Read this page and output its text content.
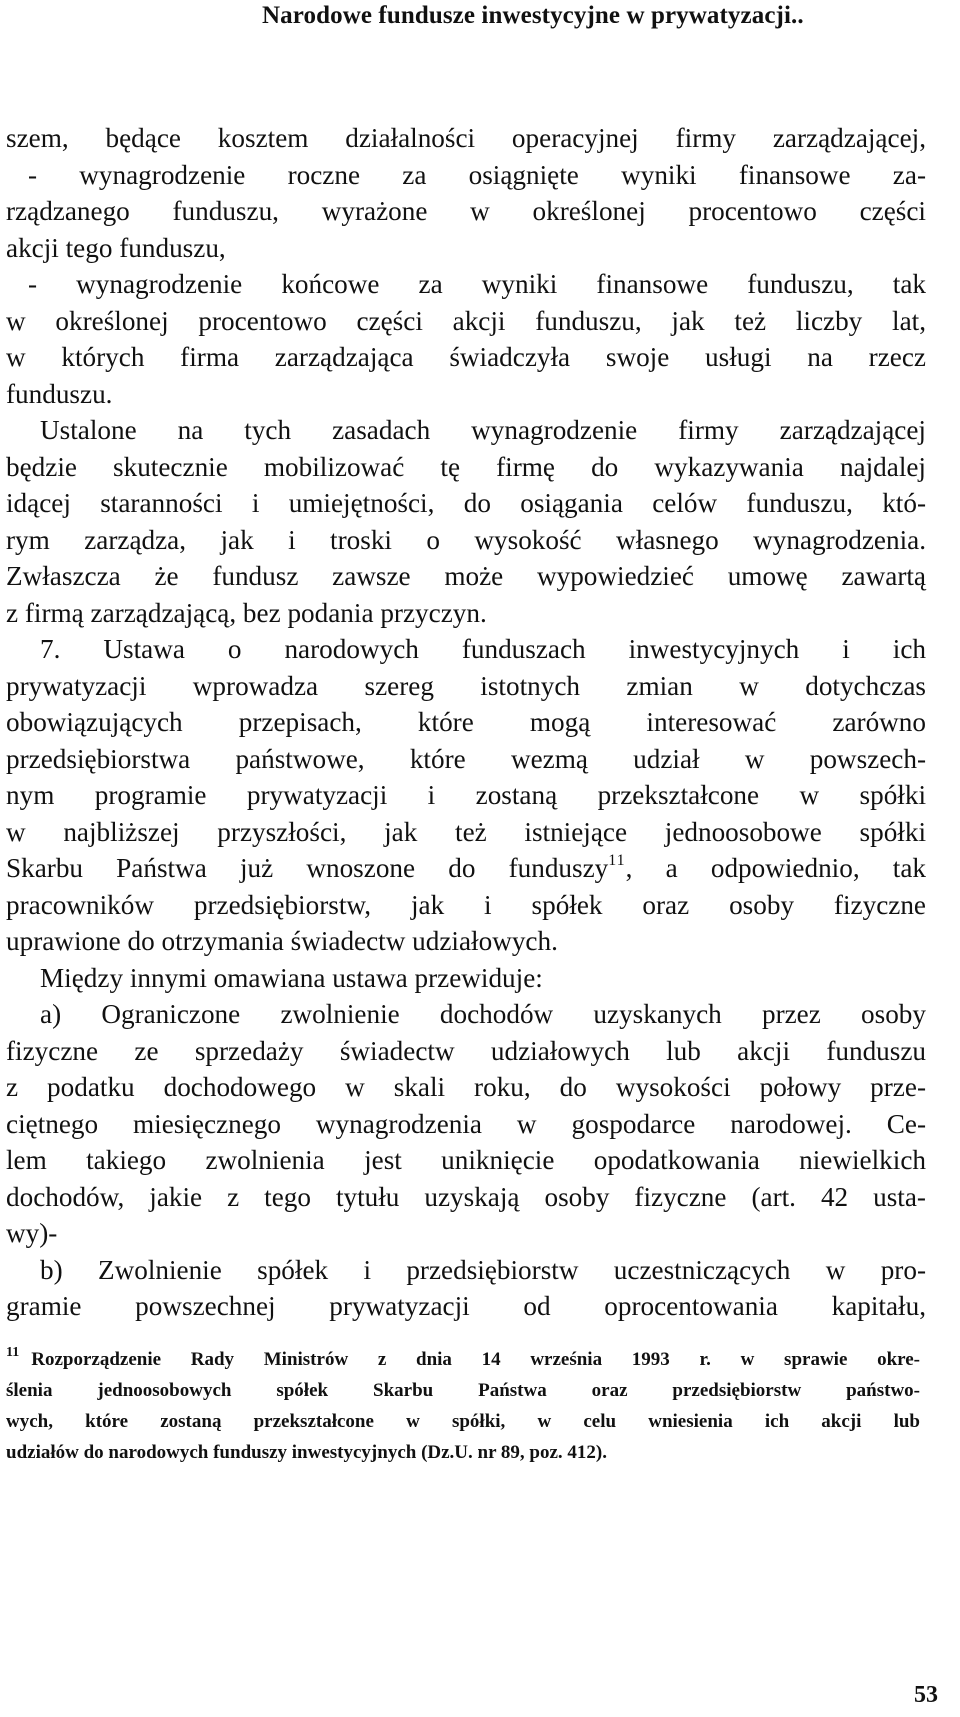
Narodowe fundusze inwestycyjne w prywatyzacji..
szem, będące kosztem działalności operacyjnej firmy zarządzającej,
- wynagrodzenie roczne za osiągnięte wyniki finansowe za-
rządzanego funduszu, wyrażone w określonej procentowo części
akcji tego funduszu,
- wynagrodzenie końcowe za wyniki finansowe funduszu, tak
w określonej procentowo części akcji funduszu, jak też liczby lat,
w których firma zarządzająca świadczyła swoje usługi na rzecz
funduszu.
Ustalone na tych zasadach wynagrodzenie firmy zarządzającej
będzie skutecznie mobilizować tę firmę do wykazywania najdalej
idącej staranności i umiejętności, do osiągania celów funduszu, któ-
rym zarządza, jak i troski o wysokość własnego wynagrodzenia.
Zwłaszcza że fundusz zawsze może wypowiedzieć umowę zawartą
z firmą zarządzającą, bez podania przyczyn.
7. Ustawa o narodowych funduszach inwestycyjnych i ich
prywatyzacji wprowadza szereg istotnych zmian w dotychczas
obowiązujących przepisach, które mogą interesować zarówno
przedsiębiorstwa państwowe, które wezmą udział w powszech-
nym programie prywatyzacji i zostaną przekształcone w spółki
w najbliższej przyszłości, jak też istniejące jednoosobowe spółki
Skarbu Państwa już wnoszone do funduszy$^{11}$, a odpowiednio, tak
pracowników przedsiębiorstw, jak i spółek oraz osoby fizyczne
uprawione do otrzymania świadectw udziałowych.
Między innymi omawiana ustawa przewiduje:
a) Ograniczone zwolnienie dochodów uzyskanych przez osoby
fizyczne ze sprzedaży świadectw udziałowych lub akcji funduszu
z podatku dochodowego w skali roku, do wysokości połowy prze-
ciętnego miesięcznego wynagrodzenia w gospodarce narodowej. Ce-
lem takiego zwolnienia jest uniknięcie opodatkowania niewielkich
dochodów, jakie z tego tytułu uzyskają osoby fizyczne (art. 42 usta-
wy)-
b) Zwolnienie spółek i przedsiębiorstw uczestniczących w pro-
gramie powszechnej prywatyzacji od oprocentowania kapitału,
$^{11}$ Rozporządzenie Rady Ministrów z dnia 14 września 1993 r. w sprawie okre-
ślenia jednoosobowych spółek Skarbu Państwa oraz przedsiębiorstw państwo-
wych, które zostaną przekształcone w spółki, w celu wniesienia ich akcji lub
udziałów do narodowych funduszy inwestycyjnych (Dz.U. nr 89, poz. 412).
53
